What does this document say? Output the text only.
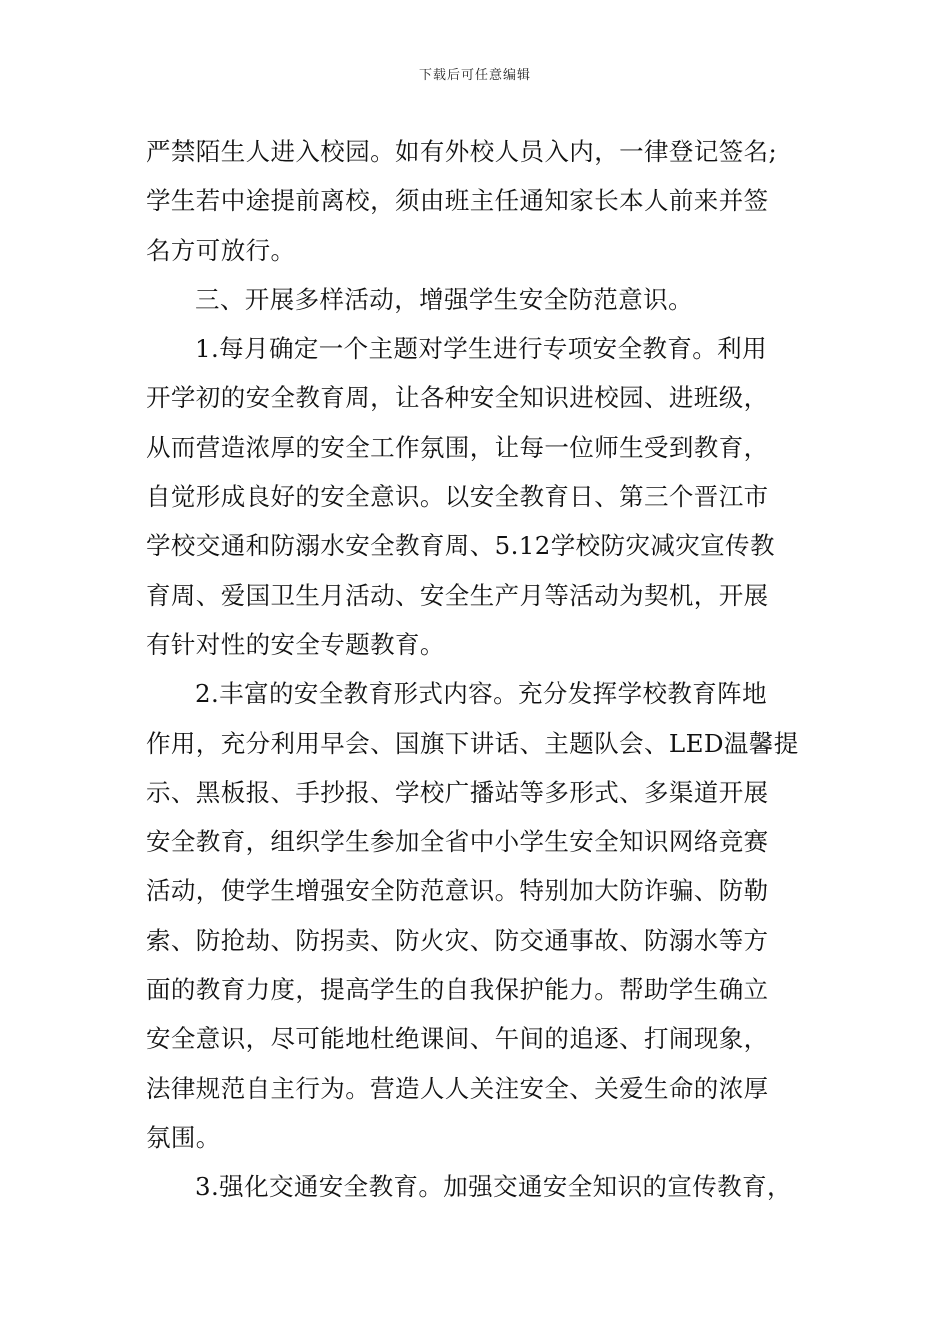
下载后可任意编辑
严禁陌生人进入校园。如有外校人员入内，一律登记签名;
学生若中途提前离校，须由班主任通知家长本人前来并签
名方可放行。
三、开展多样活动，增强学生安全防范意识。
1.每月确定一个主题对学生进行专项安全教育。利用
开学初的安全教育周，让各种安全知识进校园、进班级，
从而营造浓厚的安全工作氛围，让每一位师生受到教育，
自觉形成良好的安全意识。以安全教育日、第三个晋江市
学校交通和防溺水安全教育周、5.12学校防灾减灾宣传教
育周、爱国卫生月活动、安全生产月等活动为契机，开展
有针对性的安全专题教育。
2.丰富的安全教育形式内容。充分发挥学校教育阵地
作用，充分利用早会、国旗下讲话、主题队会、LED温馨提
示、黑板报、手抄报、学校广播站等多形式、多渠道开展
安全教育，组织学生参加全省中小学生安全知识网络竞赛
活动，使学生增强安全防范意识。特别加大防诈骗、防勒
索、防抢劫、防拐卖、防火灾、防交通事故、防溺水等方
面的教育力度，提高学生的自我保护能力。帮助学生确立
安全意识，尽可能地杜绝课间、午间的追逐、打闹现象，
法律规范自主行为。营造人人关注安全、关爱生命的浓厚
氛围。
3.强化交通安全教育。加强交通安全知识的宣传教育，
